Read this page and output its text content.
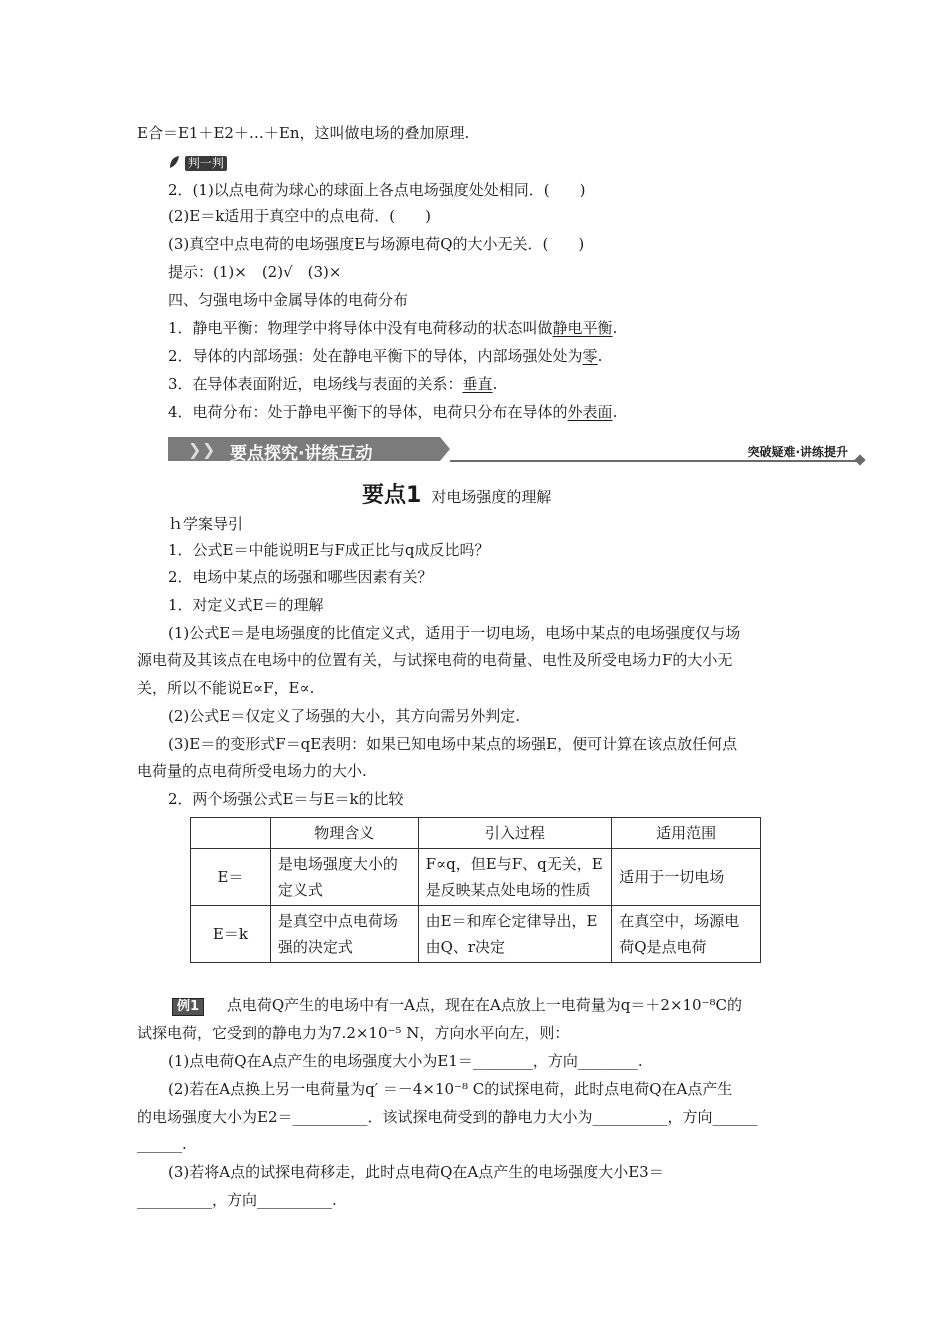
E合＝E1＋E2＋…＋En，这叫做电场的叠加原理.
判一判
2．(1)以点电荷为球心的球面上各点电场强度处处相同．(　　)
(2)E＝k适用于真空中的点电荷．(　　)
(3)真空中点电荷的电场强度E与场源电荷Q的大小无关．(　　)
提示：(1)×　(2)√　(3)×
四、匀强电场中金属导体的电荷分布
1．静电平衡：物理学中将导体中没有电荷移动的状态叫做静电平衡.
2．导体的内部场强：处在静电平衡下的导体，内部场强处处为零.
3．在导体表面附近，电场线与表面的关系：垂直.
4．电荷分布：处于静电平衡下的导体，电荷只分布在导体的外表面.
❯ ❯ 要点探究·讲练互动	突破疑难·讲练提升
要点1 对电场强度的理解
ｈ学案导引
1．公式E＝中能说明E与F成正比与q成反比吗？
2．电场中某点的场强和哪些因素有关？
1．对定义式E＝的理解
(1)公式E＝是电场强度的比值定义式，适用于一切电场，电场中某点的电场强度仅与场
源电荷及其该点在电场中的位置有关，与试探电荷的电荷量、电性及所受电场力F的大小无
关，所以不能说E∝F，E∝.
(2)公式E＝仅定义了场强的大小，其方向需另外判定.
(3)E＝的变形式F＝qE表明：如果已知电场中某点的场强E，便可计算在该点放任何点
电荷量的点电荷所受电场力的大小.
2．两个场强公式E＝与E＝k的比较
	物理含义	引入过程	适用范围
E＝	是电场强度大小的定义式	F∝q，但E与F、q无关，E是反映某点处电场的性质	适用于一切电场
E＝k	是真空中点电荷场强的决定式	由E＝和库仑定律导出，E由Q、r决定	在真空中，场源电荷Q是点电荷
例1 点电荷Q产生的电场中有一A点，现在在A点放上一电荷量为q＝＋2×10⁻⁸C的
试探电荷，它受到的静电力为7.2×10⁻⁵ N，方向水平向左，则：
(1)点电荷Q在A点产生的电场强度大小为E1＝________，方向________.
(2)若在A点换上另一电荷量为q′ ＝－4×10⁻⁸ C的试探电荷，此时点电荷Q在A点产生
的电场强度大小为E2＝__________．该试探电荷受到的静电力大小为__________，方向______
______.
(3)若将A点的试探电荷移走，此时点电荷Q在A点产生的电场强度大小E3＝
__________，方向__________.
